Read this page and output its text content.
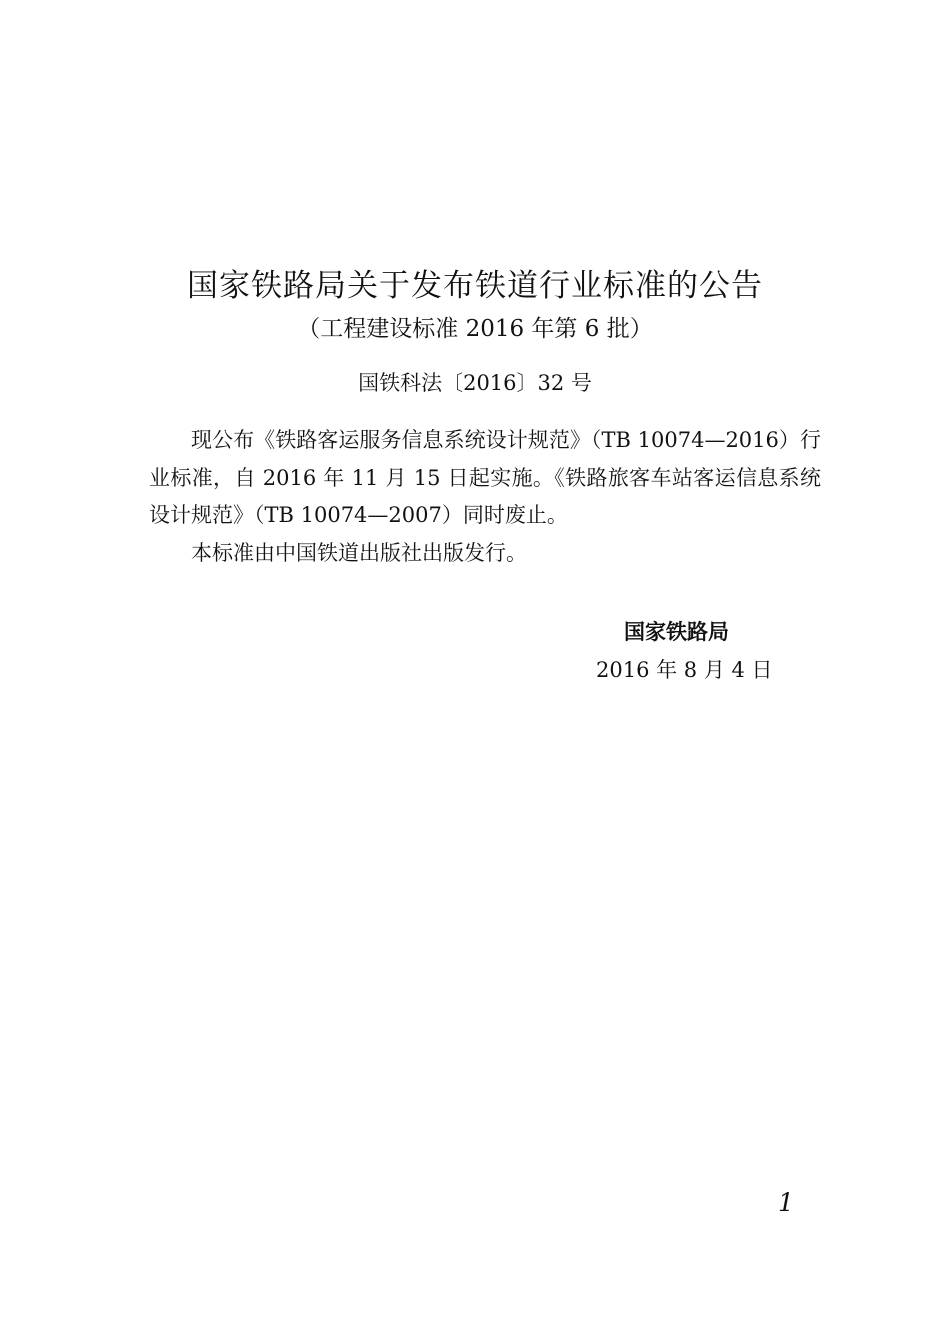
国家铁路局关于发布铁道行业标准的公告
（工程建设标准 2016 年第 6 批）
国铁科法〔2016〕32 号

现公布《铁路客运服务信息系统设计规范》（TB 10074—2016）行业标准，自 2016 年 11 月 15 日起实施。《铁路旅客车站客运信息系统设计规范》（TB 10074—2007）同时废止。

本标准由中国铁道出版社出版发行。

国家铁路局
2016 年 8 月 4 日
1
